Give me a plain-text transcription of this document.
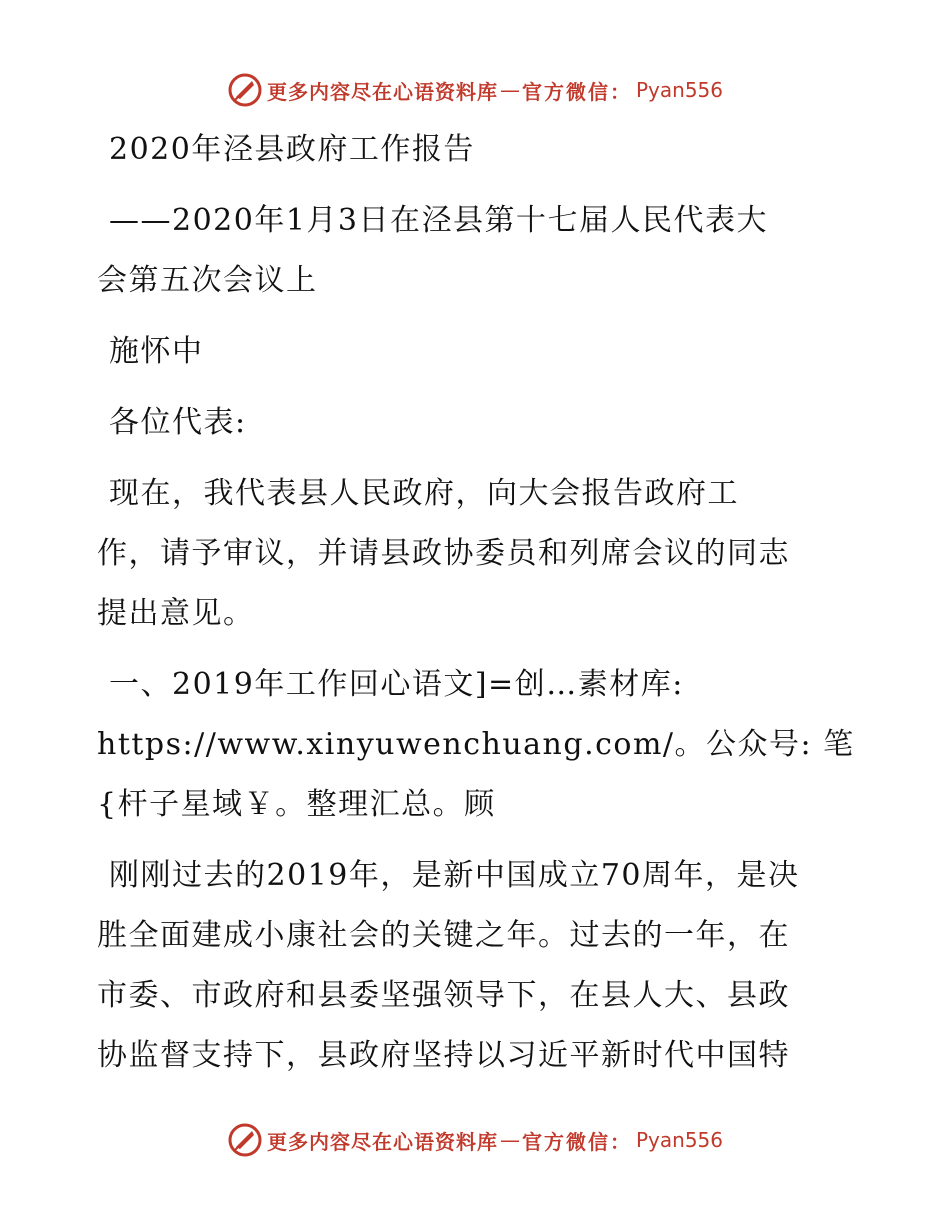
更多内容尽在心语资料库 — 官方微信： Pyan556

2020年泾县政府工作报告

——2020年1月3日在泾县第十七届人民代表大

会第五次会议上

施怀中

各位代表:

现在，我代表县人民政府，向大会报告政府工

作，请予审议，并请县政协委员和列席会议的同志

提出意见。

一、2019年工作回心语文]=创…素材库:

https://www.xinyuwenchuang.com/。公众号: 笔

{杆子星域￥。整理汇总。顾

刚刚过去的2019年，是新中国成立70周年，是决

胜全面建成小康社会的关键之年。过去的一年，在

市委、市政府和县委坚强领导下，在县人大、县政

协监督支持下，县政府坚持以习近平新时代中国特

更多内容尽在心语资料库 — 官方微信： Pyan556
